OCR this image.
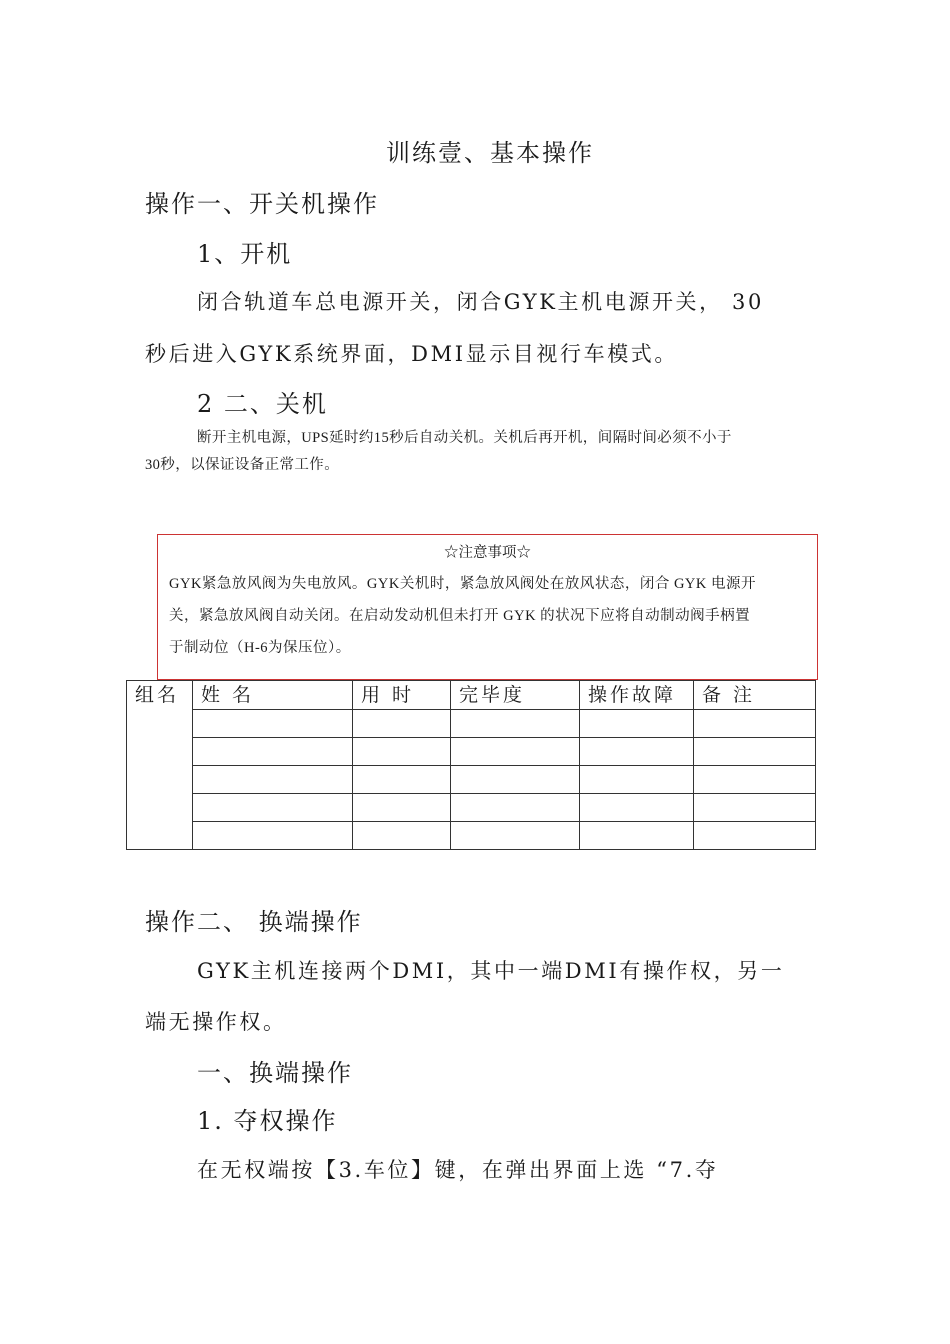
训练壹、基本操作
操作一、开关机操作
1、开机
闭合轨道车总电源开关，闭合GYK主机电源开关， 30
秒后进入GYK系统界面，DMI显示目视行车模式。
2 二、关机
断开主机电源，UPS延时约15秒后自动关机。关机后再开机，间隔时间必须不小于
30秒，以保证设备正常工作。
☆注意事项☆
GYK紧急放风阀为失电放风。GYK关机时，紧急放风阀处在放风状态，闭合 GYK 电源开
关，紧急放风阀自动关闭。在启动发动机但未打开 GYK 的状况下应将自动制动阀手柄置
于制动位（H-6为保压位）。
组名	姓 名	用 时	完毕度	操作故障	备 注

操作二、 换端操作
GYK主机连接两个DMI，其中一端DMI有操作权，另一
端无操作权。
一、换端操作
1. 夺权操作
在无权端按【3.车位】键，在弹出界面上选 “7.夺
